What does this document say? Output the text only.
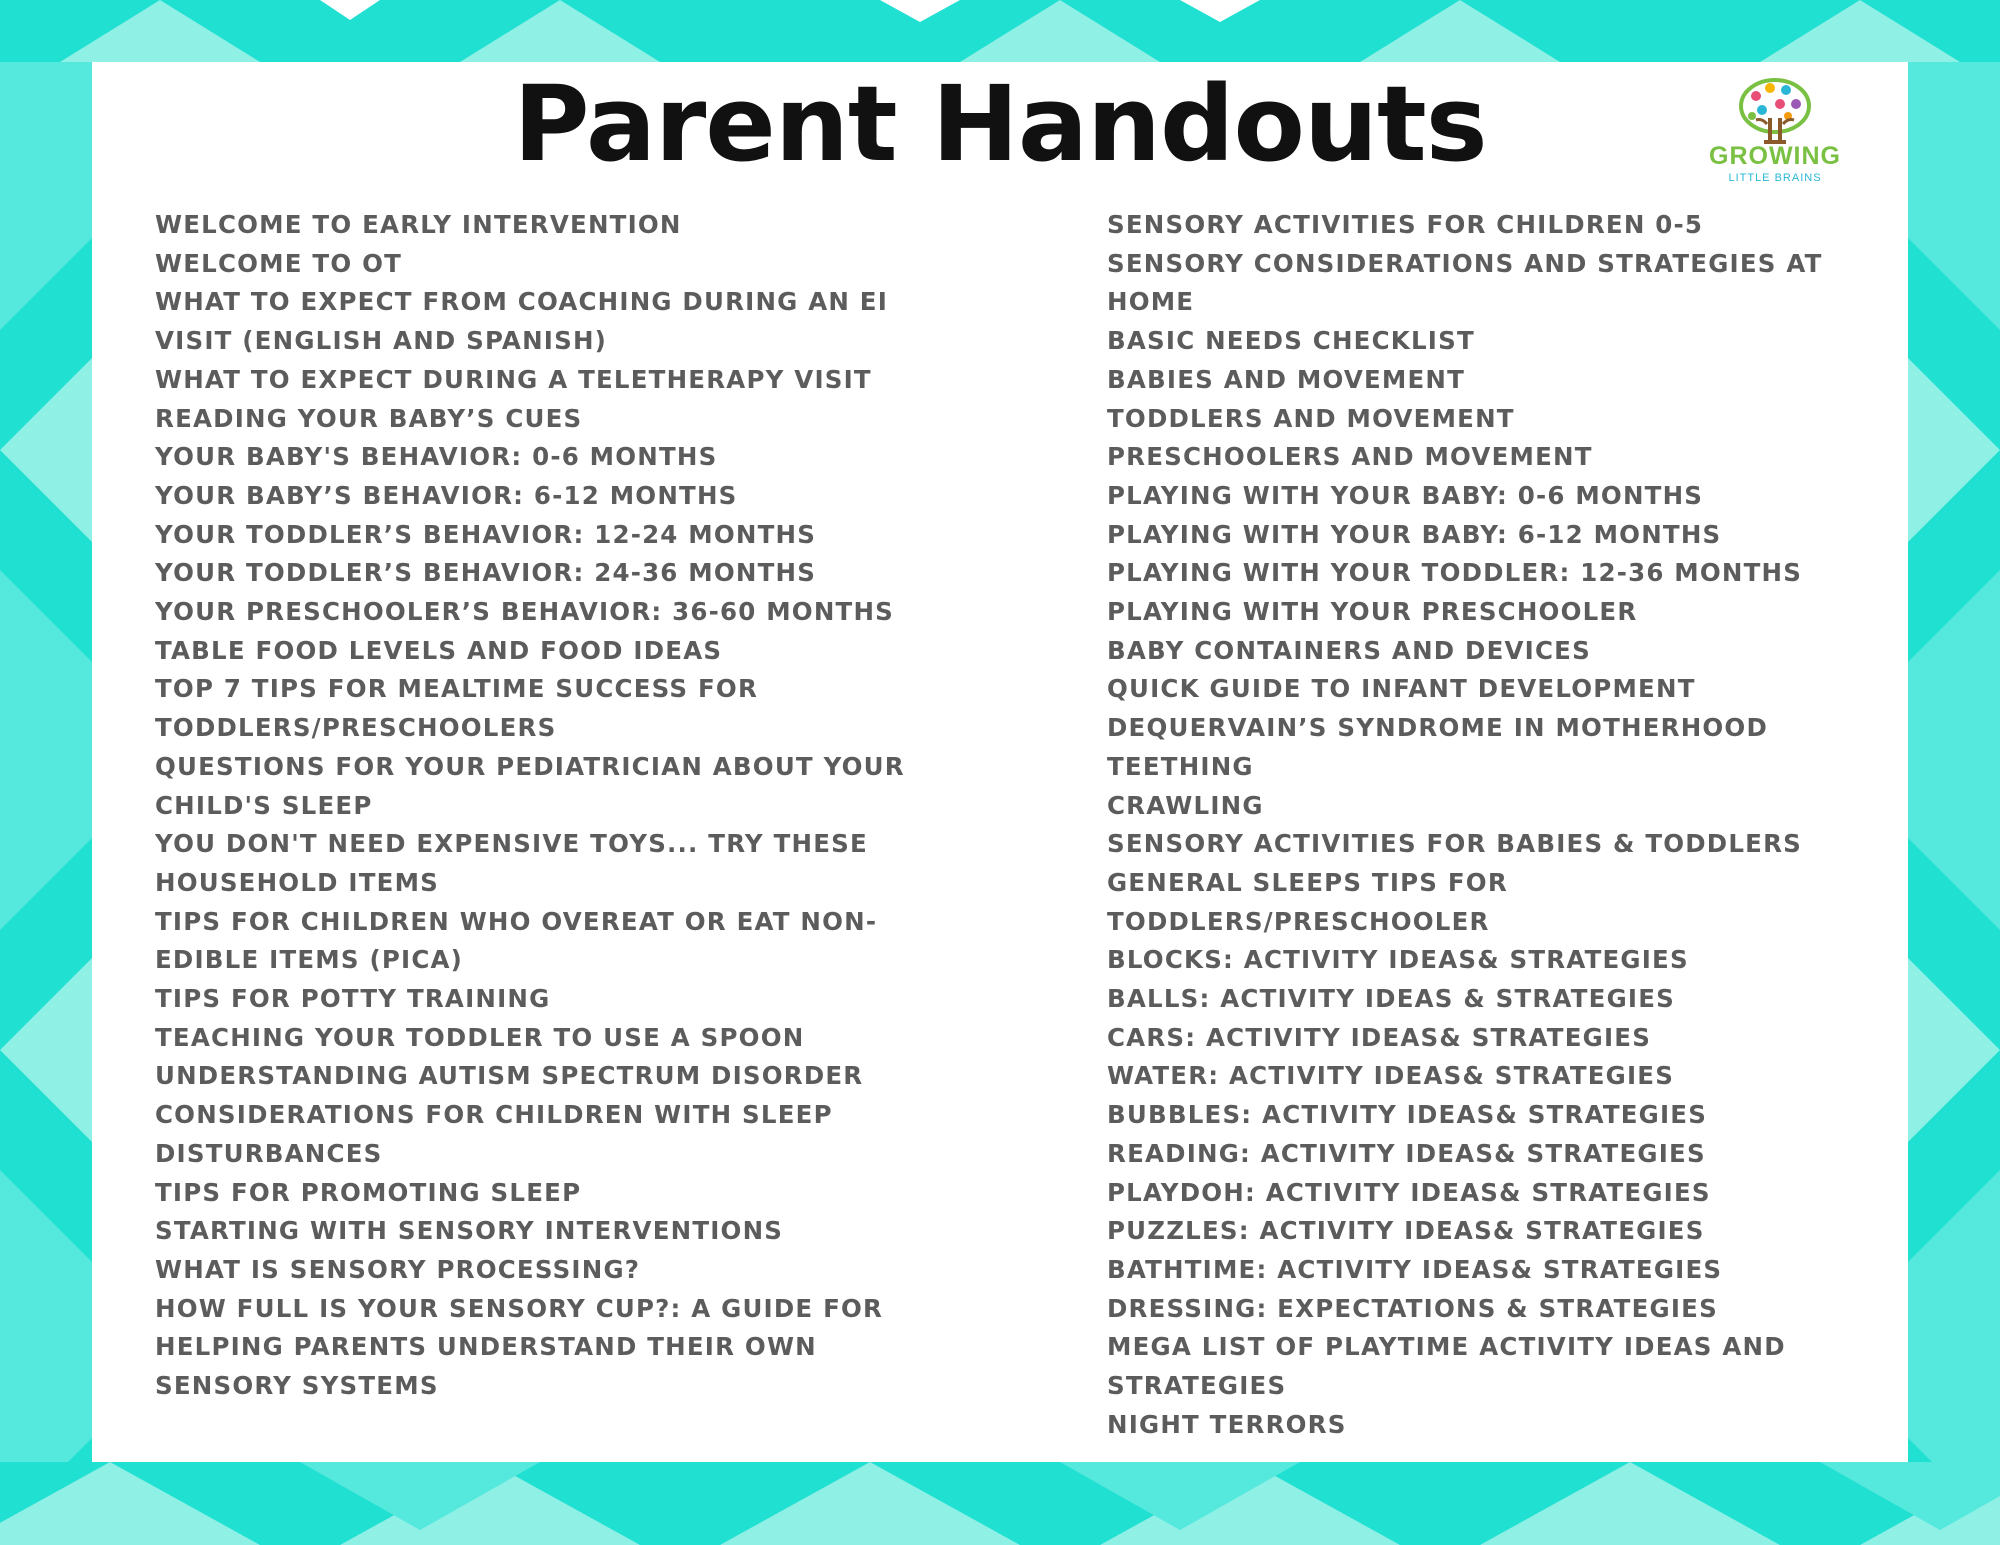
Parent Handouts	GROWING
LITTLE BRAINS
WELCOME TO EARLY INTERVENTION
WELCOME TO OT
WHAT TO EXPECT FROM COACHING DURING AN EI
VISIT (ENGLISH AND SPANISH)
WHAT TO EXPECT DURING A TELETHERAPY VISIT
READING YOUR BABY’S CUES
YOUR BABY'S BEHAVIOR: 0-6 MONTHS
YOUR BABY’S BEHAVIOR: 6-12 MONTHS
YOUR TODDLER’S BEHAVIOR: 12-24 MONTHS
YOUR TODDLER’S BEHAVIOR: 24-36 MONTHS
YOUR PRESCHOOLER’S BEHAVIOR: 36-60 MONTHS
TABLE FOOD LEVELS AND FOOD IDEAS
TOP 7 TIPS FOR MEALTIME SUCCESS FOR
TODDLERS/PRESCHOOLERS
QUESTIONS FOR YOUR PEDIATRICIAN ABOUT YOUR
CHILD'S SLEEP
YOU DON'T NEED EXPENSIVE TOYS... TRY THESE
HOUSEHOLD ITEMS
TIPS FOR CHILDREN WHO OVEREAT OR EAT NON-
EDIBLE ITEMS (PICA)
TIPS FOR POTTY TRAINING
TEACHING YOUR TODDLER TO USE A SPOON
UNDERSTANDING AUTISM SPECTRUM DISORDER
CONSIDERATIONS FOR CHILDREN WITH SLEEP
DISTURBANCES
TIPS FOR PROMOTING SLEEP
STARTING WITH SENSORY INTERVENTIONS
WHAT IS SENSORY PROCESSING?
HOW FULL IS YOUR SENSORY CUP?: A GUIDE FOR
HELPING PARENTS UNDERSTAND THEIR OWN
SENSORY SYSTEMS
SENSORY ACTIVITIES FOR CHILDREN 0-5
SENSORY CONSIDERATIONS AND STRATEGIES AT
HOME
BASIC NEEDS CHECKLIST
BABIES AND MOVEMENT
TODDLERS AND MOVEMENT
PRESCHOOLERS AND MOVEMENT
PLAYING WITH YOUR BABY: 0-6 MONTHS
PLAYING WITH YOUR BABY: 6-12 MONTHS
PLAYING WITH YOUR TODDLER: 12-36 MONTHS
PLAYING WITH YOUR PRESCHOOLER
BABY CONTAINERS AND DEVICES
QUICK GUIDE TO INFANT DEVELOPMENT
DEQUERVAIN’S SYNDROME IN MOTHERHOOD
TEETHING
CRAWLING
SENSORY ACTIVITIES FOR BABIES & TODDLERS
GENERAL SLEEPS TIPS FOR
TODDLERS/PRESCHOOLER
BLOCKS: ACTIVITY IDEAS& STRATEGIES
BALLS: ACTIVITY IDEAS & STRATEGIES
CARS: ACTIVITY IDEAS& STRATEGIES
WATER: ACTIVITY IDEAS& STRATEGIES
BUBBLES: ACTIVITY IDEAS& STRATEGIES
READING: ACTIVITY IDEAS& STRATEGIES
PLAYDOH: ACTIVITY IDEAS& STRATEGIES
PUZZLES: ACTIVITY IDEAS& STRATEGIES
BATHTIME: ACTIVITY IDEAS& STRATEGIES
DRESSING: EXPECTATIONS & STRATEGIES
MEGA LIST OF PLAYTIME ACTIVITY IDEAS AND
STRATEGIES
NIGHT TERRORS
